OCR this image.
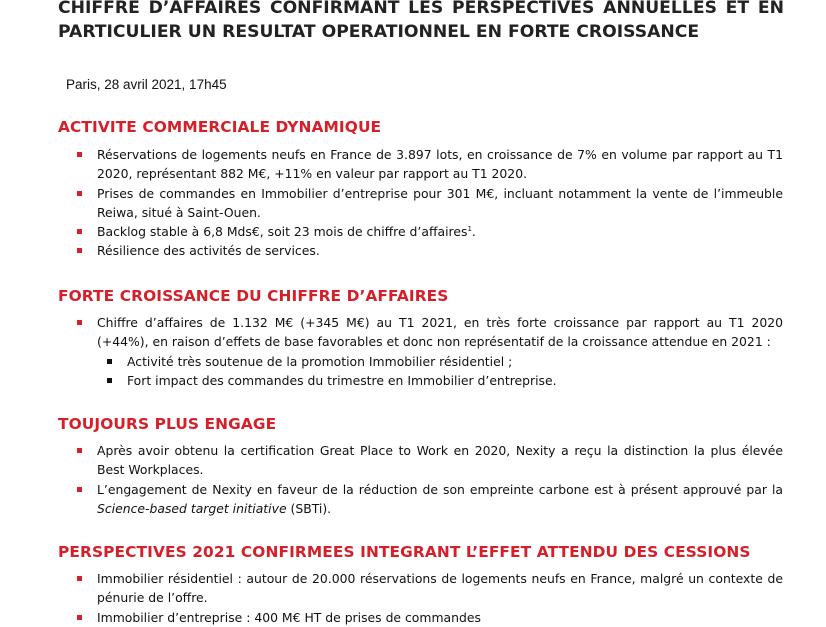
CHIFFRE D’AFFAIRES CONFIRMANT LES PERSPECTIVES ANNUELLES ET EN
PARTICULIER UN RESULTAT OPERATIONNEL EN FORTE CROISSANCE
Paris, 28 avril 2021, 17h45
ACTIVITE COMMERCIALE DYNAMIQUE
Réservations de logements neufs en France de 3.897 lots, en croissance de 7% en volume par rapport au T1 2020, représentant 882 M€, +11% en valeur par rapport au T1 2020.
Prises de commandes en Immobilier d’entreprise pour 301 M€, incluant notamment la vente de l’immeuble Reiwa, situé à Saint-Ouen.
Backlog stable à 6,8 Mds€, soit 23 mois de chiffre d’affaires$^1$.
Résilience des activités de services.
FORTE CROISSANCE DU CHIFFRE D’AFFAIRES
Chiffre d’affaires de 1.132 M€ (+345 M€) au T1 2021, en très forte croissance par rapport au T1 2020 (+44%), en raison d’effets de base favorables et donc non représentatif de la croissance attendue en 2021 :
Activité très soutenue de la promotion Immobilier résidentiel ;
Fort impact des commandes du trimestre en Immobilier d’entreprise.
TOUJOURS PLUS ENGAGE
Après avoir obtenu la certification Great Place to Work en 2020, Nexity a reçu la distinction la plus élevée Best Workplaces.
L’engagement de Nexity en faveur de la réduction de son empreinte carbone est à présent approuvé par la Science-based target initiative (SBTi).
PERSPECTIVES 2021 CONFIRMEES INTEGRANT L’EFFET ATTENDU DES CESSIONS
Immobilier résidentiel : autour de 20.000 réservations de logements neufs en France, malgré un contexte de pénurie de l’offre.
Immobilier d’entreprise : 400 M€ HT de prises de commandes
